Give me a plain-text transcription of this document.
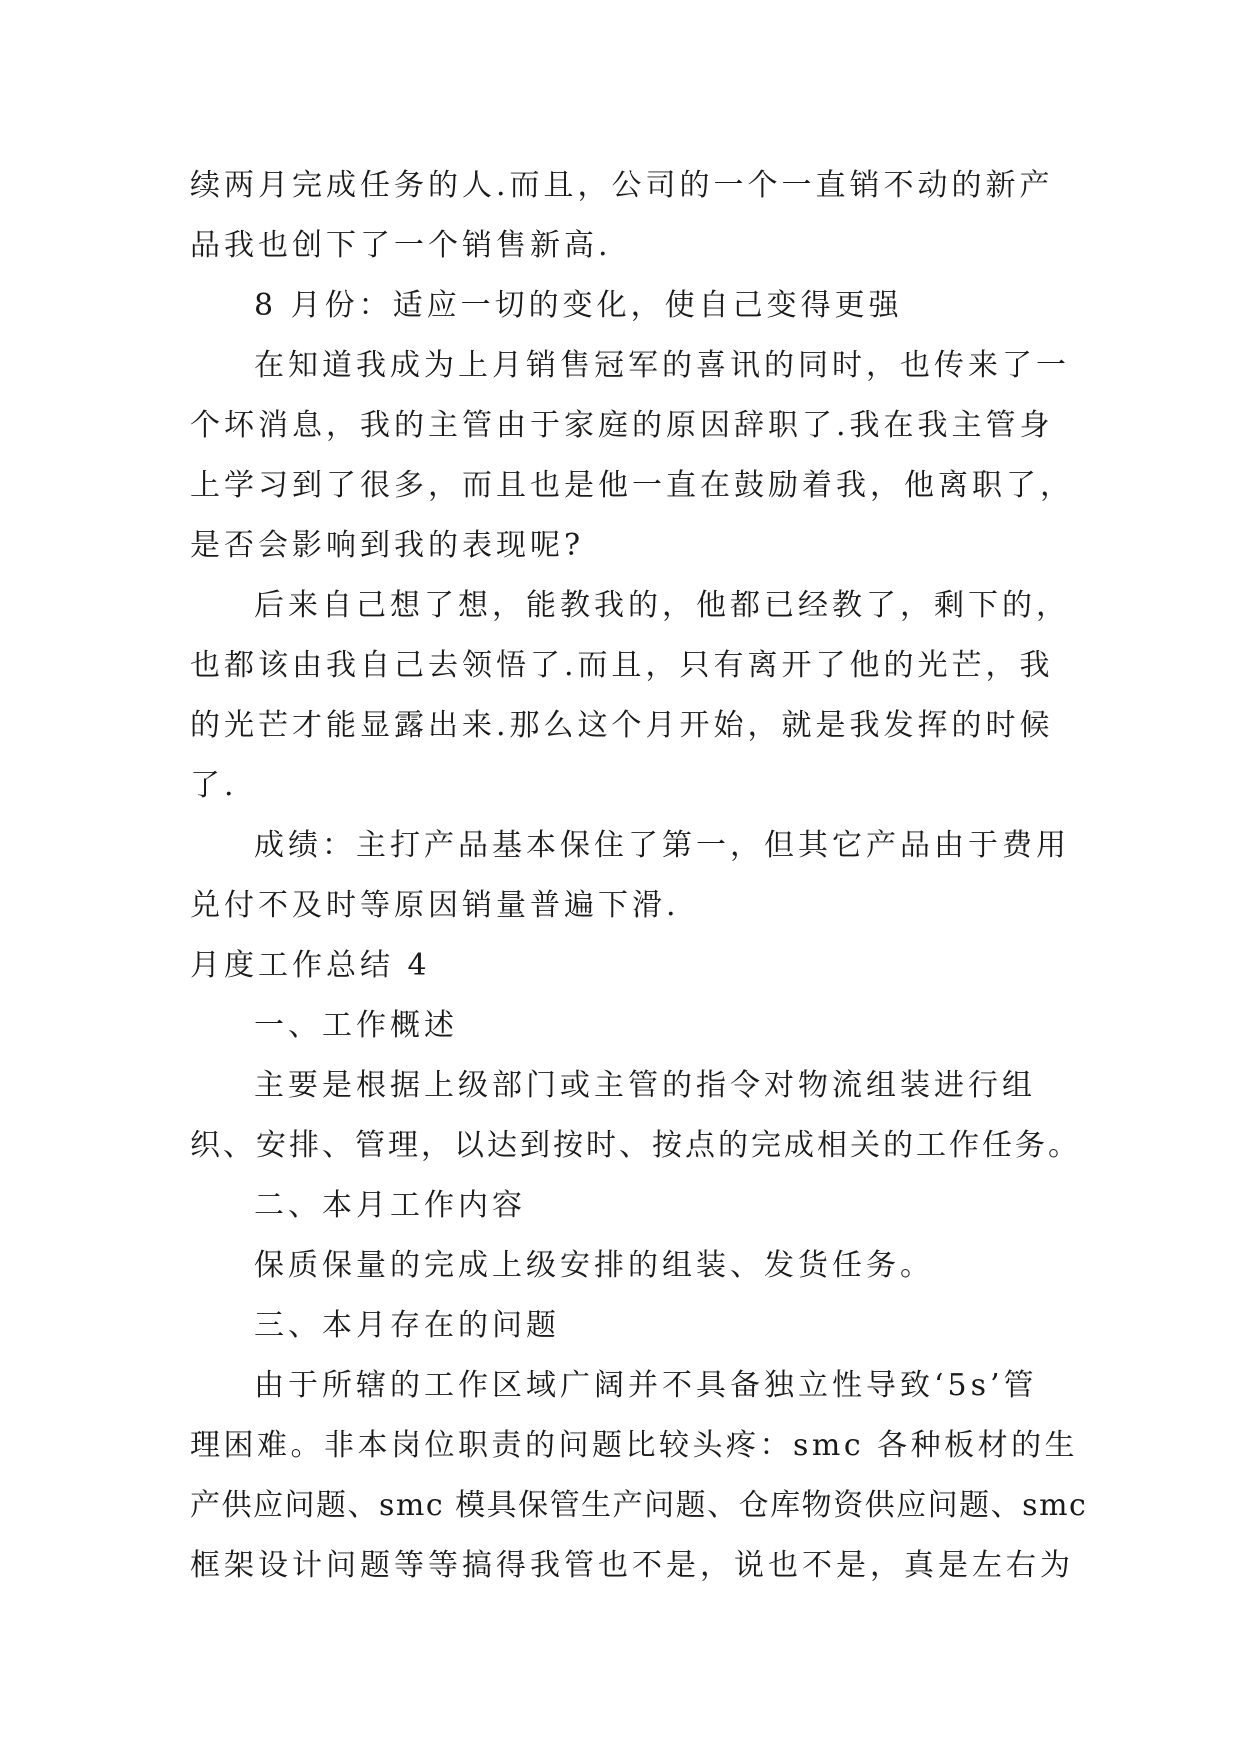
续两月完成任务的人.而且，公司的一个一直销不动的新产
品我也创下了一个销售新高.
8 月份：适应一切的变化，使自己变得更强
在知道我成为上月销售冠军的喜讯的同时，也传来了一
个坏消息，我的主管由于家庭的原因辞职了.我在我主管身
上学习到了很多，而且也是他一直在鼓励着我，他离职了，
是否会影响到我的表现呢?
后来自己想了想，能教我的，他都已经教了，剩下的，
也都该由我自己去领悟了.而且，只有离开了他的光芒，我
的光芒才能显露出来.那么这个月开始，就是我发挥的时候
了.
成绩：主打产品基本保住了第一，但其它产品由于费用
兑付不及时等原因销量普遍下滑.
月度工作总结 4
一、工作概述
主要是根据上级部门或主管的指令对物流组装进行组
织、安排、管理，以达到按时、按点的完成相关的工作任务。
二、本月工作内容
保质保量的完成上级安排的组装、发货任务。
三、本月存在的问题
由于所辖的工作区域广阔并不具备独立性导致‘5s’管
理困难。非本岗位职责的问题比较头疼：smc 各种板材的生
产供应问题、smc 模具保管生产问题、仓库物资供应问题、smc
框架设计问题等等搞得我管也不是，说也不是，真是左右为
